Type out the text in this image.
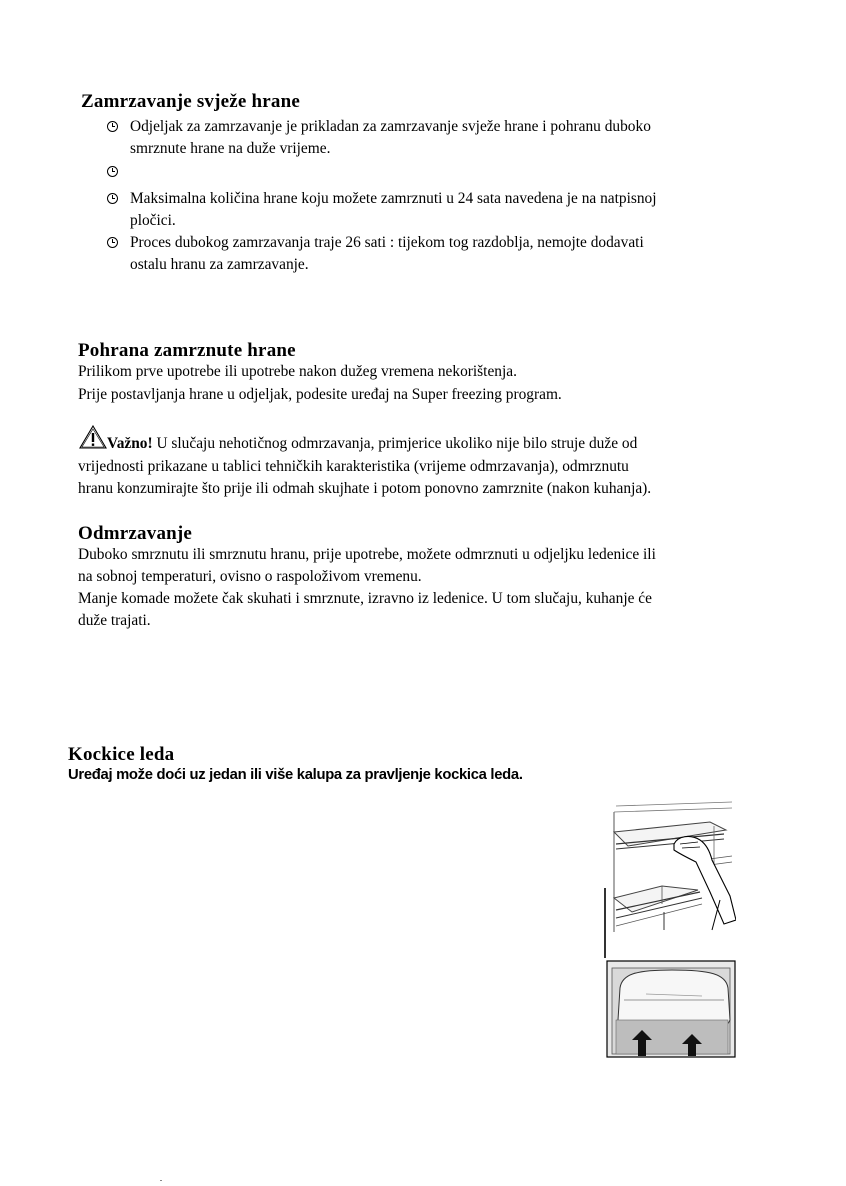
Zamrzavanje svježe hrane
Odjeljak za zamrzavanje je prikladan za zamrzavanje svježe hrane i pohranu duboko
smrznute hrane na duže vrijeme.
Maksimalna količina hrane koju možete zamrznuti u 24 sata navedena je na natpisnoj
pločici.
Proces dubokog zamrzavanja traje 26 sati : tijekom tog razdoblja, nemojte dodavati
ostalu hranu za zamrzavanje.
Pohrana zamrznute hrane
Prilikom prve upotrebe ili upotrebe nakon dužeg vremena nekorištenja.
Prije postavljanja hrane u odjeljak, podesite uređaj na Super freezing program.
Važno! U slučaju nehotičnog odmrzavanja, primjerice ukoliko nije bilo struje duže od
vrijednosti prikazane u tablici tehničkih karakteristika (vrijeme odmrzavanja), odmrznutu
hranu konzumirajte što prije ili odmah skujhate i potom ponovno zamrznite (nakon kuhanja).
Odmrzavanje
Duboko smrznutu ili smrznutu hranu, prije upotrebe, možete odmrznuti u odjeljku ledenice ili
na sobnoj temperaturi, ovisno o raspoloživom vremenu.
Manje komade možete čak skuhati i smrznute, izravno iz ledenice. U tom slučaju, kuhanje će
duže trajati.
Kockice leda
Uređaj može doći uz jedan ili više kalupa za pravljenje kockica leda.
